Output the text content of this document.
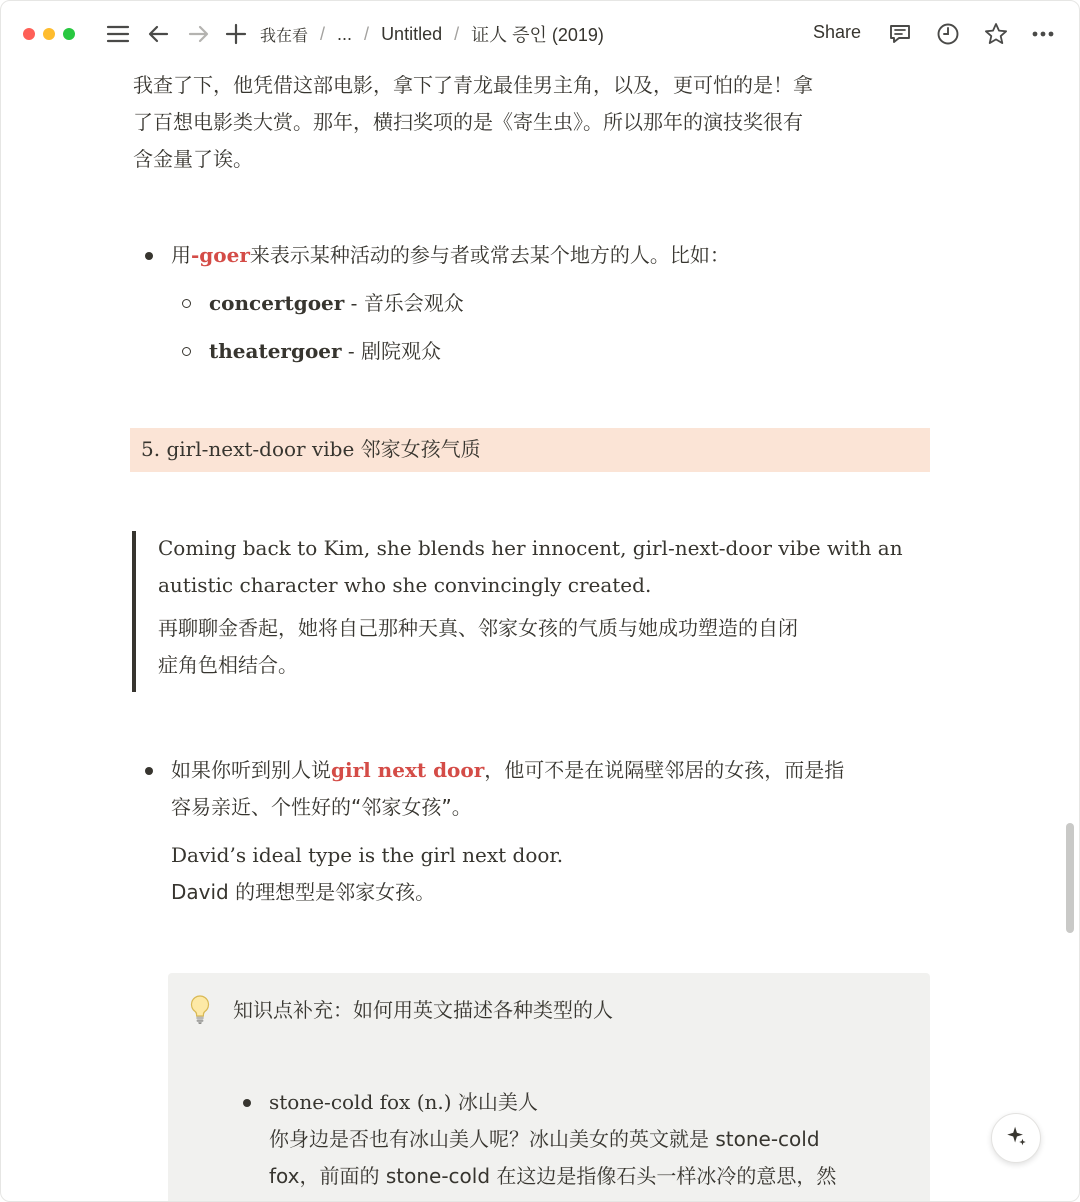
我在看 / ... / Untitled / 证人 증인 (2019)	Share
我查了下，他凭借这部电影，拿下了青龙最佳男主角，以及，更可怕的是！拿
了百想电影类大赏。那年，横扫奖项的是《寄生虫》。所以那年的演技奖很有
含金量了诶。
用-goer来表示某种活动的参与者或常去某个地方的人。比如：
concertgoer - 音乐会观众
theatergoer - 剧院观众
5. girl-next-door vibe 邻家女孩气质
Coming back to Kim, she blends her innocent, girl-next-door vibe with an
autistic character who she convincingly created.
再聊聊金香起，她将自己那种天真、邻家女孩的气质与她成功塑造的自闭
症角色相结合。
如果你听到别人说girl next door，他可不是在说隔壁邻居的女孩，而是指
容易亲近、个性好的“邻家女孩”。
David’s ideal type is the girl next door.
David 的理想型是邻家女孩。
知识点补充：如何用英文描述各种类型的人
stone-cold fox (n.) 冰山美人
你身边是否也有冰山美人呢？冰山美女的英文就是 stone-cold
fox，前面的 stone-cold 在这边是指像石头一样冰冷的意思，然
